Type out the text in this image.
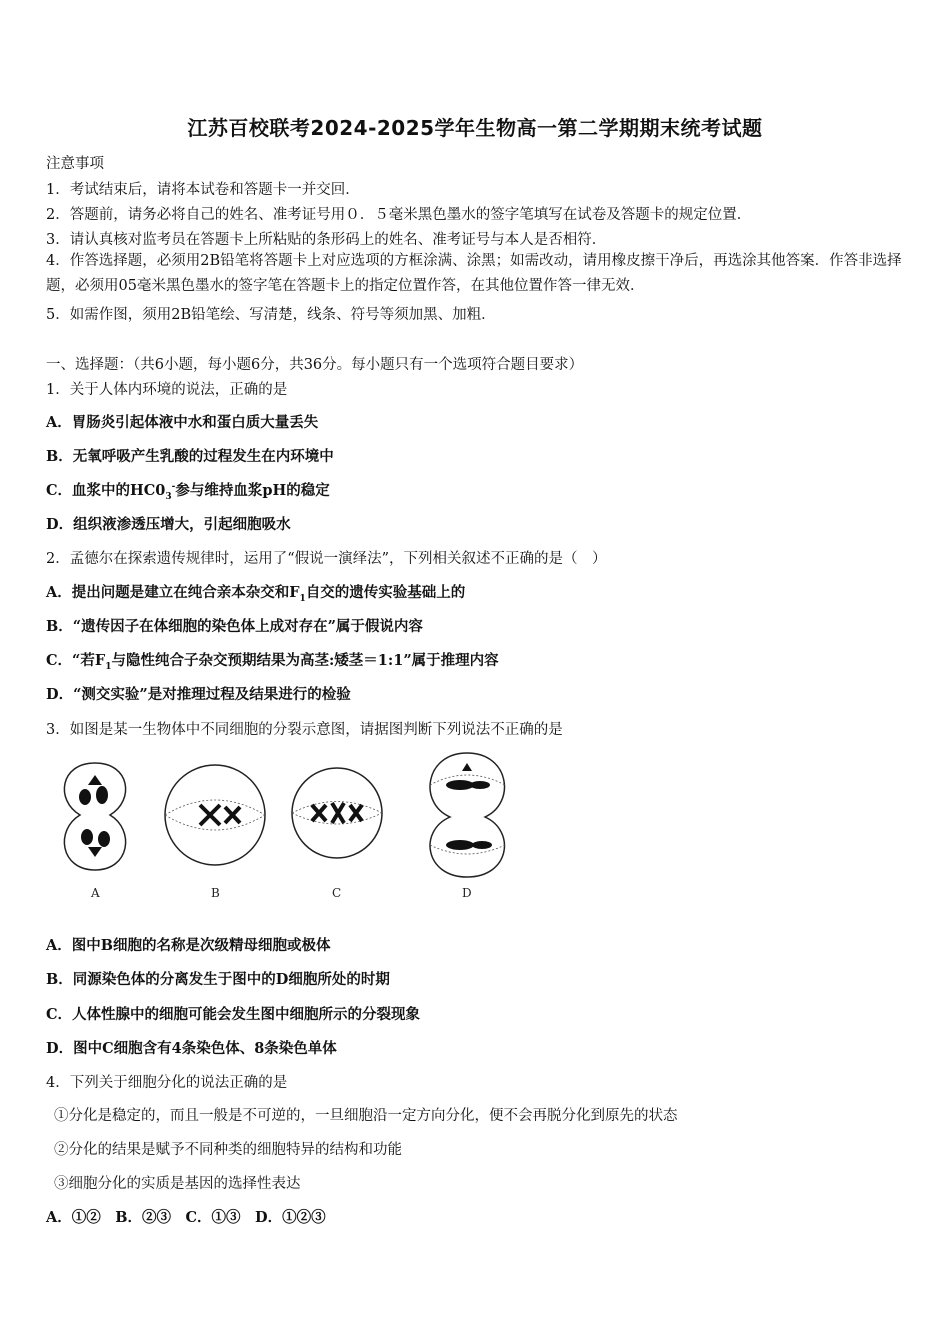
江苏百校联考2024-2025学年生物高一第二学期期末统考试题
注意事项
1．考试结束后，请将本试卷和答题卡一并交回．
2．答题前，请务必将自己的姓名、准考证号用０．５毫米黑色墨水的签字笔填写在试卷及答题卡的规定位置．
3．请认真核对监考员在答题卡上所粘贴的条形码上的姓名、准考证号与本人是否相符．
4．作答选择题，必须用2B铅笔将答题卡上对应选项的方框涂满、涂黑；如需改动，请用橡皮擦干净后，再选涂其他答案．作答非选择题，必须用05毫米黑色墨水的签字笔在答题卡上的指定位置作答，在其他位置作答一律无效．
5．如需作图，须用2B铅笔绘、写清楚，线条、符号等须加黑、加粗．
一、选择题：（共6小题，每小题6分，共36分。每小题只有一个选项符合题目要求）
1．关于人体内环境的说法，正确的是
A．胃肠炎引起体液中水和蛋白质大量丢失
B．无氧呼吸产生乳酸的过程发生在内环境中
C．血浆中的$HC0_3^-$参与维持血浆pH的稳定
D．组织液渗透压增大，引起细胞吸水
2．孟德尔在探索遗传规律时，运用了“假说一演绎法”，下列相关叙述不正确的是（　）
A．提出问题是建立在纯合亲本杂交和$F_1$自交的遗传实验基础上的
B．“遗传因子在体细胞的染色体上成对存在”属于假说内容
C．“若$F_1$与隐性纯合子杂交预期结果为高茎:矮茎＝1:1”属于推理内容
D．“测交实验”是对推理过程及结果进行的检验
3．如图是某一生物体中不同细胞的分裂示意图，请据图判断下列说法不正确的是
A	B	C	D
A．图中B细胞的名称是次级精母细胞或极体
B．同源染色体的分离发生于图中的D细胞所处的时期
C．人体性腺中的细胞可能会发生图中细胞所示的分裂现象
D．图中C细胞含有4条染色体、8条染色单体
4．下列关于细胞分化的说法正确的是
①分化是稳定的，而且一般是不可逆的，一旦细胞沿一定方向分化，便不会再脱分化到原先的状态
②分化的结果是赋予不同种类的细胞特异的结构和功能
③细胞分化的实质是基因的选择性表达
A．①②　B．②③　C．①③　D．①②③
